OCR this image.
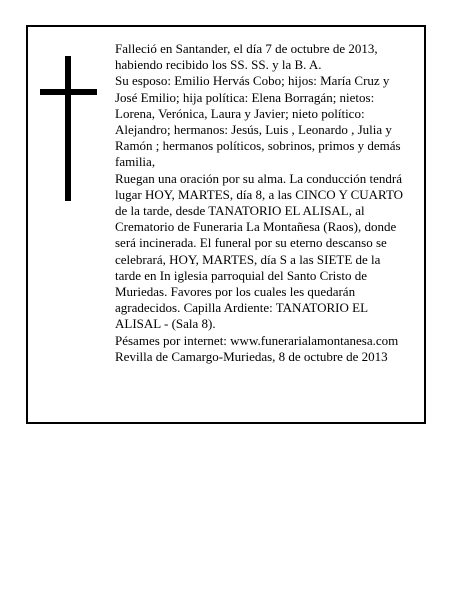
Falleció en Santander, el día 7 de octubre de 2013,

habiendo recibido los SS. SS. y la B. A.

Su esposo: Emilio Hervás Cobo; hijos: María Cruz y

José Emilio; hija política: Elena Borragán; nietos:

Lorena, Verónica, Laura y Javier; nieto político:

Alejandro; hermanos: Jesús, Luis , Leonardo , Julia y

Ramón ; hermanos políticos, sobrinos, primos y demás

familia,

Ruegan una oración por su alma. La conducción tendrá

lugar HOY, MARTES, día 8, a las CINCO Y CUARTO

de la tarde, desde TANATORIO EL ALISAL, al

Crematorio de Funeraria La Montañesa (Raos), donde

será incinerada. El funeral por su eterno descanso se

celebrará, HOY, MARTES, día S a las SIETE de la

tarde en In iglesia parroquial del Santo Cristo de

Muriedas. Favores por los cuales les quedarán

agradecidos. Capilla Ardiente: TANATORIO EL

ALISAL - (Sala 8).

Pésames por internet: www.funerarialamontanesa.com

Revilla de Camargo-Muriedas, 8 de octubre de 2013
